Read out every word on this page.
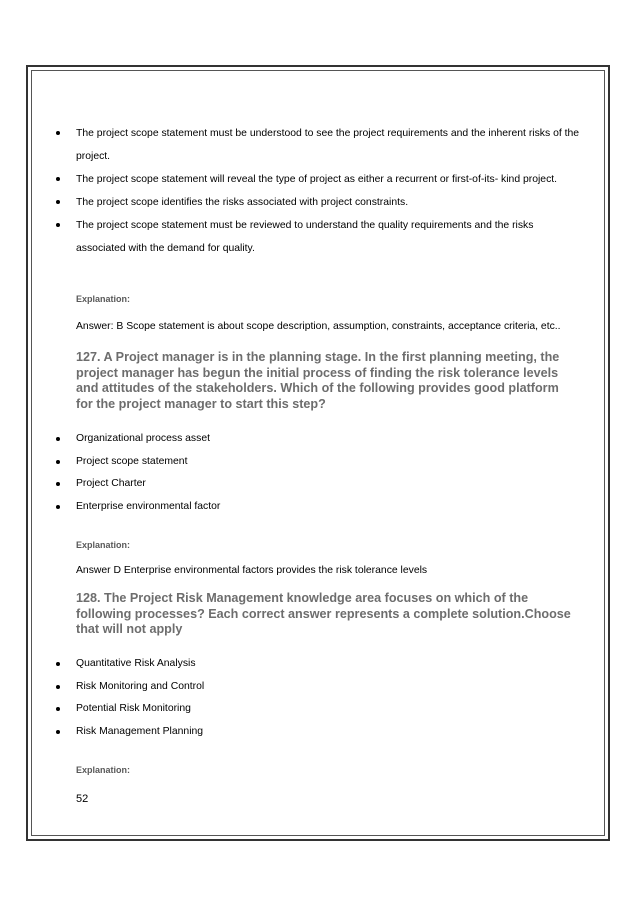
The project scope statement must be understood to see the project requirements and the inherent risks of the project.
The project scope statement will reveal the type of project as either a recurrent or first-of-its- kind project.
The project scope identifies the risks associated with project constraints.
The project scope statement must be reviewed to understand the quality requirements and the risks associated with the demand for quality.
Explanation:
Answer: B Scope statement is about scope description, assumption, constraints, acceptance criteria, etc..
127. A Project manager is in the planning stage. In the first planning meeting, the project manager has begun the initial process of finding the risk tolerance levels and attitudes of the stakeholders. Which of the following provides good platform for the project manager to start this step?
Organizational process asset
Project scope statement
Project Charter
Enterprise environmental factor
Explanation:
Answer D Enterprise environmental factors provides the risk tolerance levels
128. The Project Risk Management knowledge area focuses on which of the following processes? Each correct answer represents a complete solution.Choose that will not apply
Quantitative Risk Analysis
Risk Monitoring and Control
Potential Risk Monitoring
Risk Management Planning
Explanation:
52
